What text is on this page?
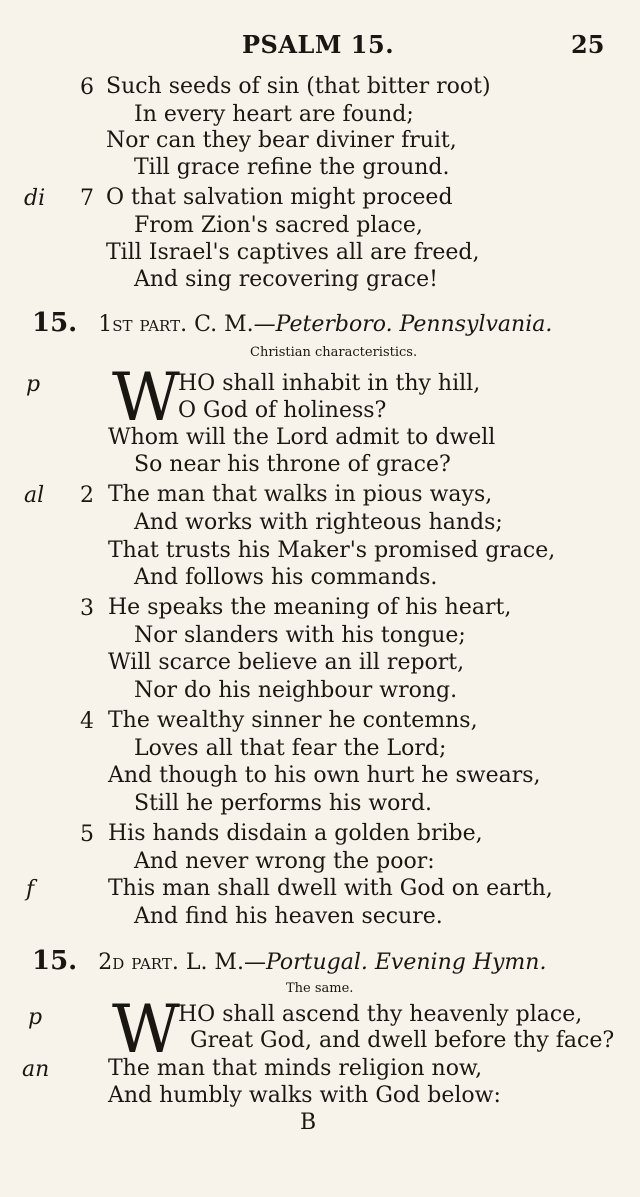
PSALM 15.	25
6 Such seeds of sin (that bitter root)
In every heart are found;
Nor can they bear diviner fruit,
Till grace refine the ground.
di 7 O that salvation might proceed
From Zion's sacred place,
Till Israel's captives all are freed,
And sing recovering grace!
15. 1st part. C. M.—Peterboro. Pennsylvania.
Christian characteristics.
p W
HO shall inhabit in thy hill,
O God of holiness?
Whom will the Lord admit to dwell
So near his throne of grace?
al 2 The man that walks in pious ways,
And works with righteous hands;
That trusts his Maker's promised grace,
And follows his commands.
3 He speaks the meaning of his heart,
Nor slanders with his tongue;
Will scarce believe an ill report,
Nor do his neighbour wrong.
4 The wealthy sinner he contemns,
Loves all that fear the Lord;
And though to his own hurt he swears,
Still he performs his word.
5 His hands disdain a golden bribe,
And never wrong the poor:
f	This man shall dwell with God on earth,
And find his heaven secure.
15. 2d part. L. M.—Portugal. Evening Hymn.
The same.
p W
HO shall ascend thy heavenly place,
Great God, and dwell before thy face?
an	The man that minds religion now,
And humbly walks with God below:
B
